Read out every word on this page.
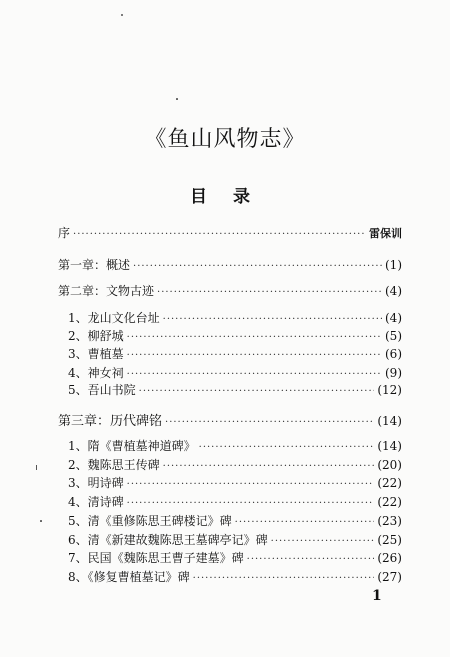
《鱼山风物志》
目 录
序 ·····	雷保训
第一章：概述 ·····	(1)
第二章：文物古迹 ·····	(4)
1、龙山文化台址 ·····	(4)
2、柳舒城 ·····	(5)
3、曹植墓 ·····	(6)
4、神女祠 ·····	(9)
5、吾山书院 ·····	(12)
第三章：历代碑铭 ·····	(14)
1、隋《曹植墓神道碑》 ·····	(14)
2、魏陈思王传碑 ·····	(20)
3、明诗碑 ·····	(22)
4、清诗碑 ·····	(22)
5、清《重修陈思王碑楼记》碑 ·····	(23)
6、清《新建故魏陈思王墓碑亭记》碑 ·····	(25)
7、民国《魏陈思王曹子建墓》碑 ·····	(26)
8、《修复曹植墓记》碑 ·····	(27)
1
